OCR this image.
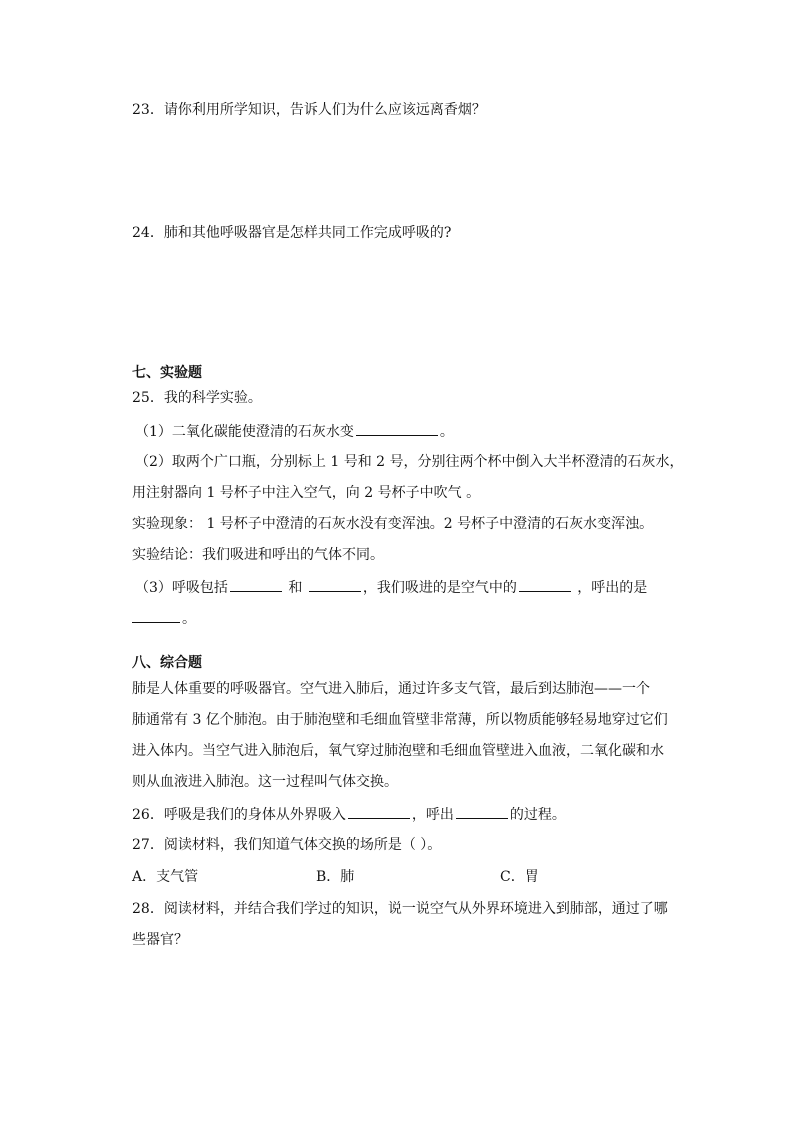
23．请你利用所学知识，告诉人们为什么应该远离香烟？
24．肺和其他呼吸器官是怎样共同工作完成呼吸的?
七、实验题
25．我的科学实验。
（1）二氧化碳能使澄清的石灰水变	。
（2）取两个广口瓶，分别标上 1 号和 2 号，分别往两个杯中倒入大半杯澄清的石灰水，
用注射器向 1 号杯子中注入空气，向 2 号杯子中吹气 。
实验现象： 1 号杯子中澄清的石灰水没有变浑浊。2 号杯子中澄清的石灰水变浑浊。
实验结论：我们吸进和呼出的气体不同。
（3）呼吸包括	和	，我们吸进的是空气中的	，呼出的是
。
八、综合题
肺是人体重要的呼吸器官。空气进入肺后，通过许多支气管，最后到达肺泡——一个
肺通常有 3 亿个肺泡。由于肺泡壁和毛细血管壁非常薄，所以物质能够轻易地穿过它们
进入体内。当空气进入肺泡后，氧气穿过肺泡壁和毛细血管壁进入血液，二氧化碳和水
则从血液进入肺泡。这一过程叫气体交换。
26．呼吸是我们的身体从外界吸入	，呼出	的过程。
27．阅读材料，我们知道气体交换的场所是（ ）。
A．支气管	B．肺	C．胃
28．阅读材料，并结合我们学过的知识，说一说空气从外界环境进入到肺部，通过了哪
些器官？
